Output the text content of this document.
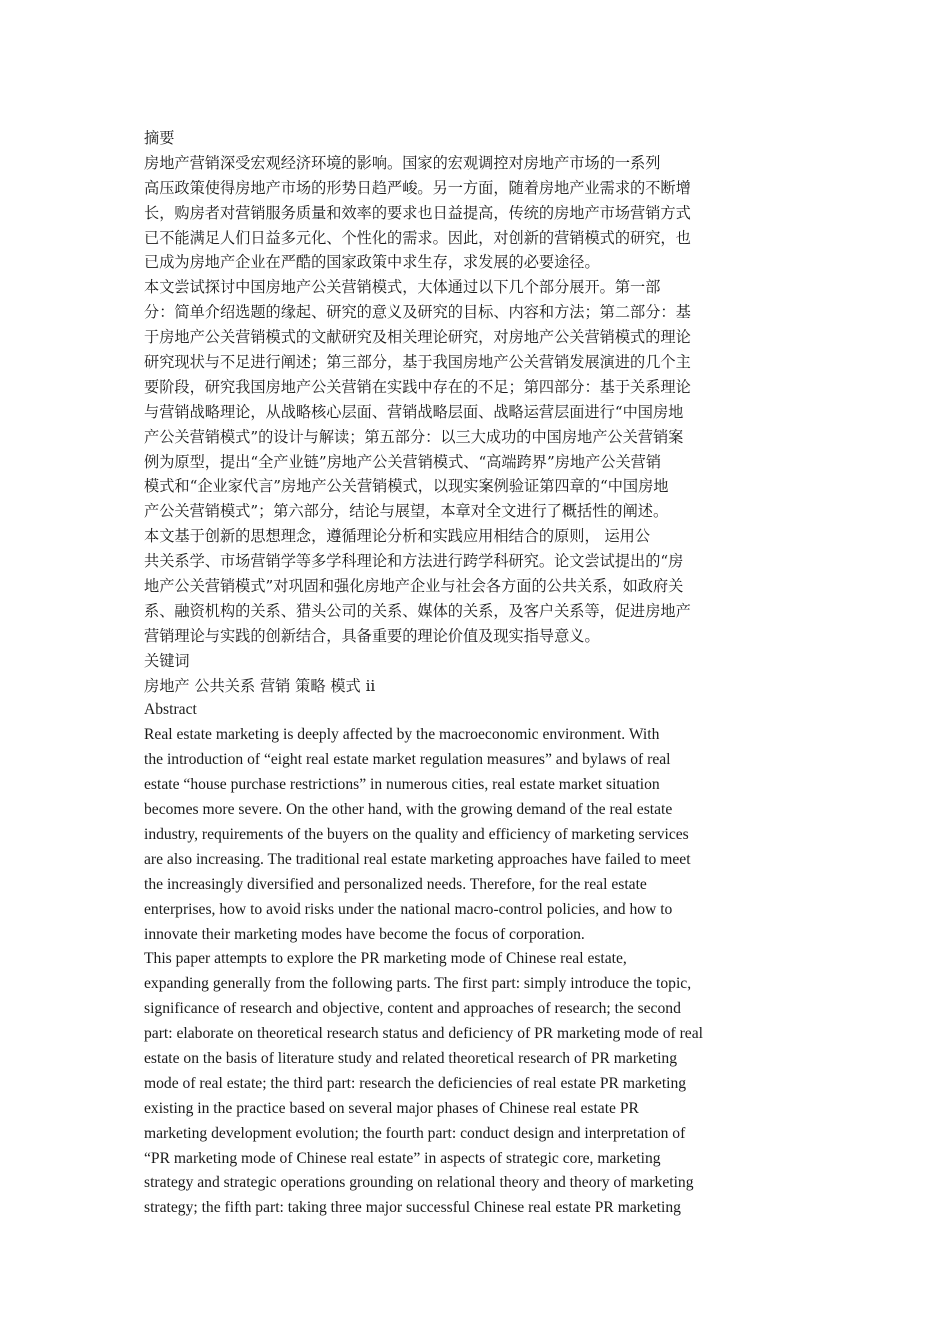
摘要
房地产营销深受宏观经济环境的影响。国家的宏观调控对房地产市场的一系列
高压政策使得房地产市场的形势日趋严峻。另一方面，随着房地产业需求的不断增
长，购房者对营销服务质量和效率的要求也日益提高，传统的房地产市场营销方式
已不能满足人们日益多元化、个性化的需求。因此，对创新的营销模式的研究，也
已成为房地产企业在严酷的国家政策中求生存，求发展的必要途径。
本文尝试探讨中国房地产公关营销模式，大体通过以下几个部分展开。第一部
分：简单介绍选题的缘起、研究的意义及研究的目标、内容和方法；第二部分：基
于房地产公关营销模式的文献研究及相关理论研究，对房地产公关营销模式的理论
研究现状与不足进行阐述；第三部分，基于我国房地产公关营销发展演进的几个主
要阶段，研究我国房地产公关营销在实践中存在的不足；第四部分：基于关系理论
与营销战略理论，从战略核心层面、营销战略层面、战略运营层面进行“中国房地
产公关营销模式”的设计与解读；第五部分：以三大成功的中国房地产公关营销案
例为原型，提出“全产业链”房地产公关营销模式、“高端跨界”房地产公关营销
模式和“企业家代言”房地产公关营销模式，以现实案例验证第四章的“中国房地
产公关营销模式”；第六部分，结论与展望，本章对全文进行了概括性的阐述。
本文基于创新的思想理念，遵循理论分析和实践应用相结合的原则， 运用公
共关系学、市场营销学等多学科理论和方法进行跨学科研究。论文尝试提出的“房
地产公关营销模式”对巩固和强化房地产企业与社会各方面的公共关系，如政府关
系、融资机构的关系、猎头公司的关系、媒体的关系，及客户关系等，促进房地产
营销理论与实践的创新结合，具备重要的理论价值及现实指导意义。
关键词
房地产 公共关系 营销 策略 模式 ii
Abstract
Real estate marketing is deeply affected by the macroeconomic environment. With
the introduction of “eight real estate market regulation measures” and bylaws of real
estate “house purchase restrictions” in numerous cities, real estate market situation
becomes more severe. On the other hand, with the growing demand of the real estate
industry, requirements of the buyers on the quality and efficiency of marketing services
are also increasing. The traditional real estate marketing approaches have failed to meet
the increasingly diversified and personalized needs. Therefore, for the real estate
enterprises, how to avoid risks under the national macro-control policies, and how to
innovate their marketing modes have become the focus of corporation.
This paper attempts to explore the PR marketing mode of Chinese real estate,
expanding generally from the following parts. The first part: simply introduce the topic,
significance of research and objective, content and approaches of research; the second
part: elaborate on theoretical research status and deficiency of PR marketing mode of real
estate on the basis of literature study and related theoretical research of PR marketing
mode of real estate; the third part: research the deficiencies of real estate PR marketing
existing in the practice based on several major phases of Chinese real estate PR
marketing development evolution; the fourth part: conduct design and interpretation of
“PR marketing mode of Chinese real estate” in aspects of strategic core, marketing
strategy and strategic operations grounding on relational theory and theory of marketing
strategy; the fifth part: taking three major successful Chinese real estate PR marketing
